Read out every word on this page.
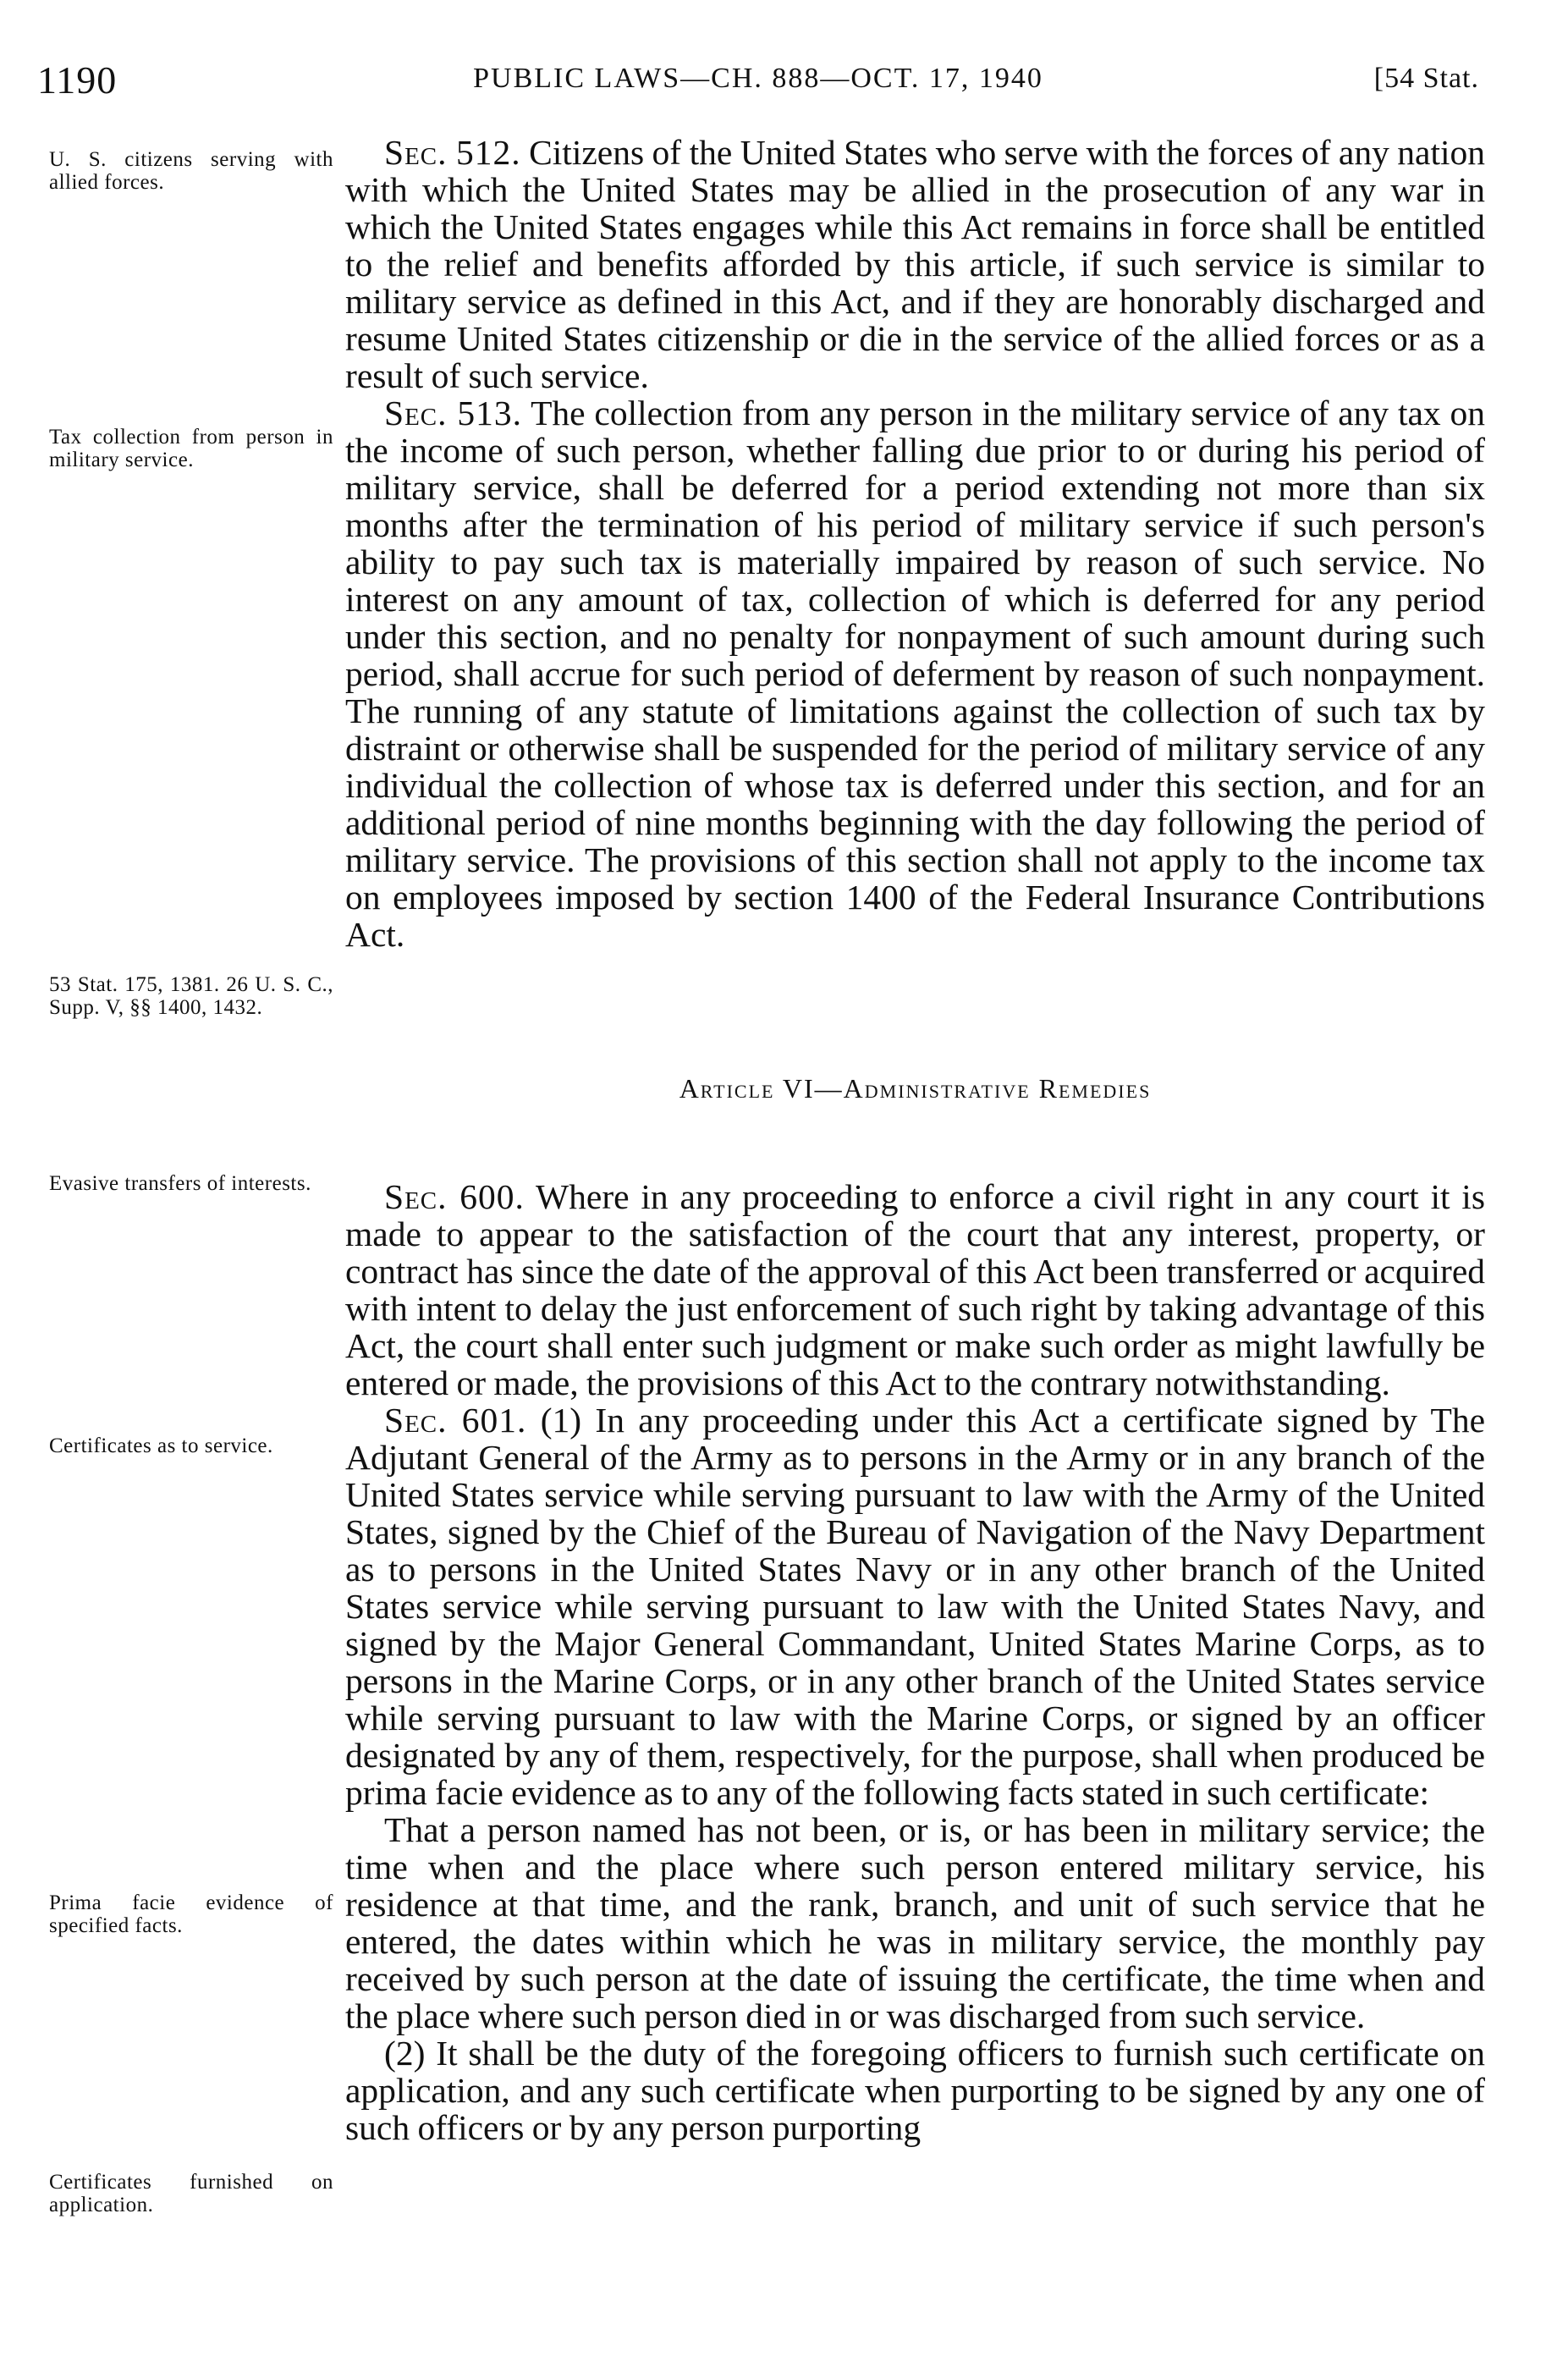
1190	PUBLIC LAWS—CH. 888—OCT. 17, 1940	[54 Stat.
U. S. citizens serving with allied forces.
Tax collection from person in military service.
53 Stat. 175, 1381. 26 U. S. C., Supp. V, §§ 1400, 1432.
Evasive transfers of interests.
Certificates as to service.
Prima facie evidence of specified facts.
Certificates furnished on application.

Sec. 512. Citizens of the United States who serve with the forces of any nation with which the United States may be allied in the prosecution of any war in which the United States engages while this Act remains in force shall be entitled to the relief and benefits afforded by this article, if such service is similar to military service as defined in this Act, and if they are honorably discharged and resume United States citizenship or die in the service of the allied forces or as a result of such service.

Sec. 513. The collection from any person in the military service of any tax on the income of such person, whether falling due prior to or during his period of military service, shall be deferred for a period extending not more than six months after the termination of his period of military service if such person's ability to pay such tax is materially impaired by reason of such service. No interest on any amount of tax, collection of which is deferred for any period under this section, and no penalty for nonpayment of such amount during such period, shall accrue for such period of deferment by reason of such nonpayment. The running of any statute of limitations against the collection of such tax by distraint or otherwise shall be suspended for the period of military service of any individual the collection of whose tax is deferred under this section, and for an additional period of nine months beginning with the day following the period of military service. The provisions of this section shall not apply to the income tax on employees imposed by section 1400 of the Federal Insurance Contributions Act.

Article VI—Administrative Remedies

Sec. 600. Where in any proceeding to enforce a civil right in any court it is made to appear to the satisfaction of the court that any interest, property, or contract has since the date of the approval of this Act been transferred or acquired with intent to delay the just enforcement of such right by taking advantage of this Act, the court shall enter such judgment or make such order as might lawfully be entered or made, the provisions of this Act to the contrary notwithstanding.

Sec. 601. (1) In any proceeding under this Act a certificate signed by The Adjutant General of the Army as to persons in the Army or in any branch of the United States service while serving pursuant to law with the Army of the United States, signed by the Chief of the Bureau of Navigation of the Navy Department as to persons in the United States Navy or in any other branch of the United States service while serving pursuant to law with the United States Navy, and signed by the Major General Commandant, United States Marine Corps, as to persons in the Marine Corps, or in any other branch of the United States service while serving pursuant to law with the Marine Corps, or signed by an officer designated by any of them, respectively, for the purpose, shall when produced be prima facie evidence as to any of the following facts stated in such certificate:

That a person named has not been, or is, or has been in military service; the time when and the place where such person entered military service, his residence at that time, and the rank, branch, and unit of such service that he entered, the dates within which he was in military service, the monthly pay received by such person at the date of issuing the certificate, the time when and the place where such person died in or was discharged from such service.

(2) It shall be the duty of the foregoing officers to furnish such certificate on application, and any such certificate when purporting to be signed by any one of such officers or by any person purporting
